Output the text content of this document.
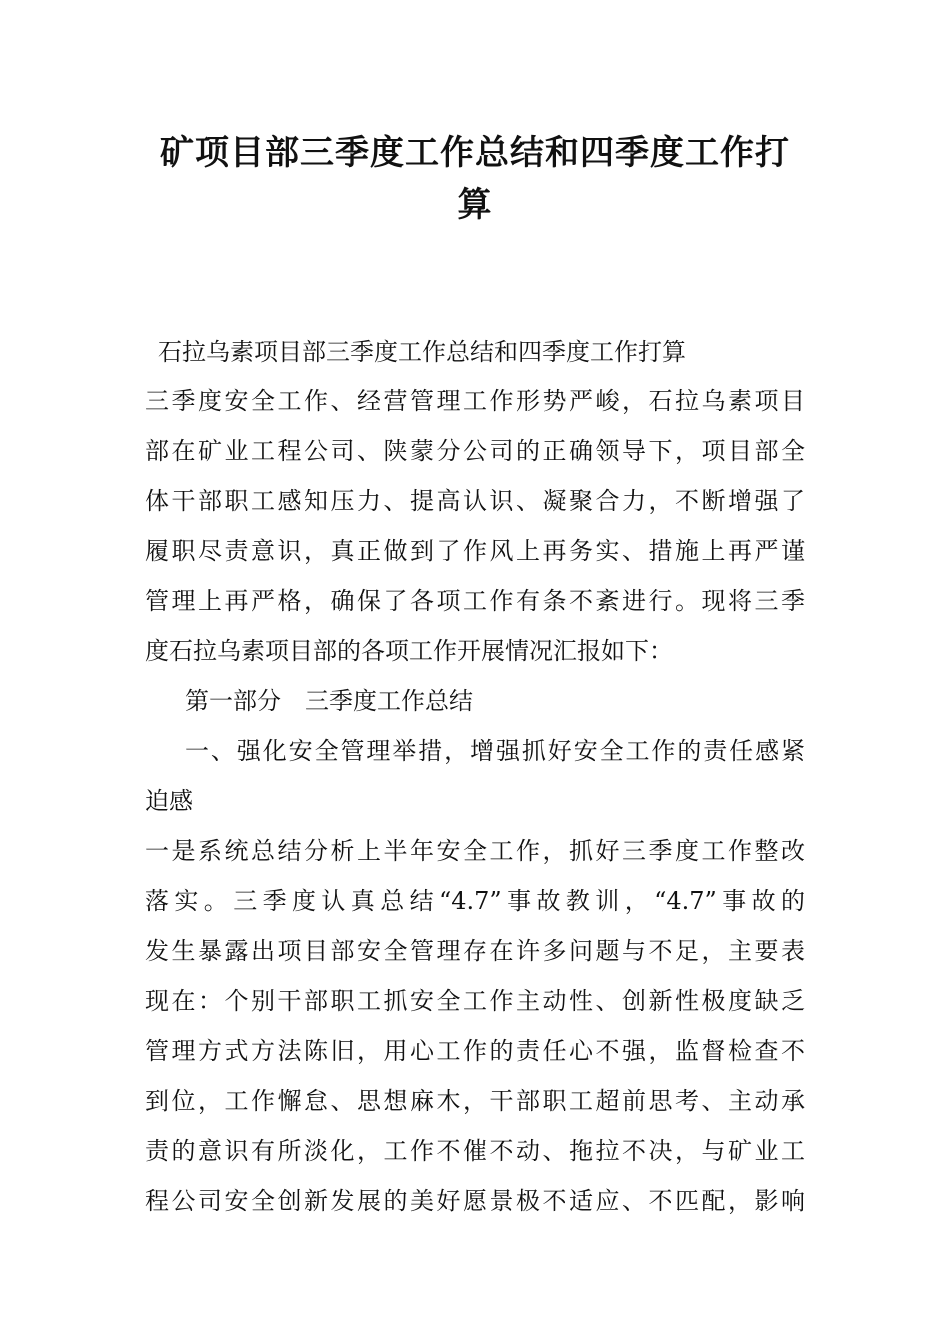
矿项目部三季度工作总结和四季度工作打
算

石拉乌素项目部三季度工作总结和四季度工作打算

三季度安全工作、经营管理工作形势严峻，石拉乌素项目

部在矿业工程公司、陕蒙分公司的正确领导下，项目部全

体干部职工感知压力、提高认识、凝聚合力，不断增强了

履职尽责意识，真正做到了作风上再务实、措施上再严谨

管理上再严格，确保了各项工作有条不紊进行。现将三季

度石拉乌素项目部的各项工作开展情况汇报如下：

第一部分　三季度工作总结

一、强化安全管理举措，增强抓好安全工作的责任感紧

迫感

一是系统总结分析上半年安全工作，抓好三季度工作整改

落实。三季度认真总结“4.7”事故教训，“4.7”事故的

发生暴露出项目部安全管理存在许多问题与不足，主要表

现在：个别干部职工抓安全工作主动性、创新性极度缺乏

管理方式方法陈旧，用心工作的责任心不强，监督检查不

到位，工作懈怠、思想麻木，干部职工超前思考、主动承

责的意识有所淡化，工作不催不动、拖拉不决，与矿业工

程公司安全创新发展的美好愿景极不适应、不匹配，影响
